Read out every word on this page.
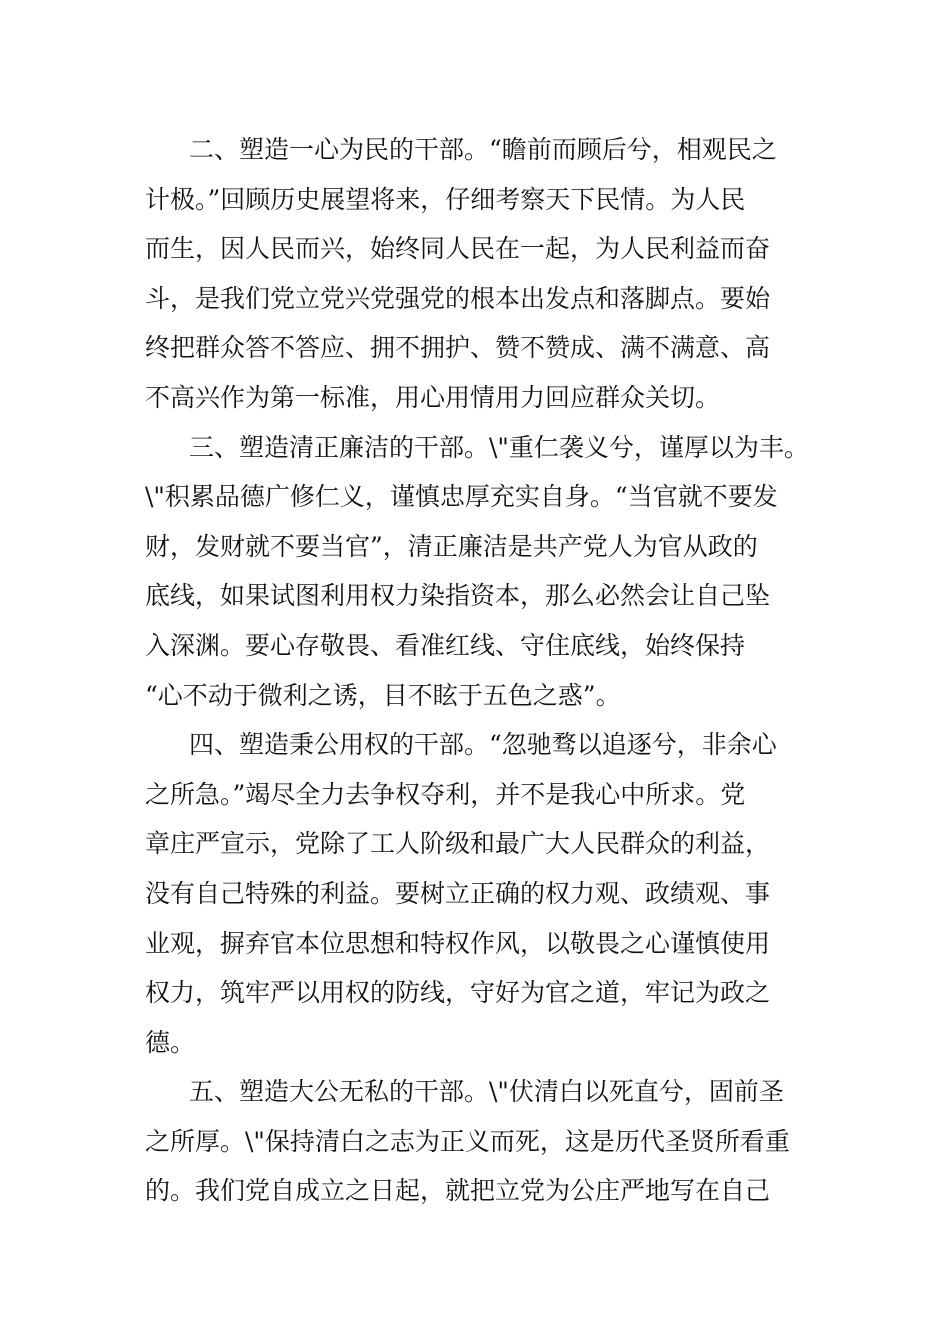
二、塑造一心为民的干部。“瞻前而顾后兮，相观民之
计极。”回顾历史展望将来，仔细考察天下民情。为人民
而生，因人民而兴，始终同人民在一起，为人民利益而奋
斗，是我们党立党兴党强党的根本出发点和落脚点。要始
终把群众答不答应、拥不拥护、赞不赞成、满不满意、高
不高兴作为第一标准，用心用情用力回应群众关切。
三、塑造清正廉洁的干部。\"重仁袭义兮，谨厚以为丰。
\"积累品德广修仁义，谨慎忠厚充实自身。“当官就不要发
财，发财就不要当官”，清正廉洁是共产党人为官从政的
底线，如果试图利用权力染指资本，那么必然会让自己坠
入深渊。要心存敬畏、看准红线、守住底线，始终保持
“心不动于微利之诱，目不眩于五色之惑”。
四、塑造秉公用权的干部。“忽驰骛以追逐兮，非余心
之所急。”竭尽全力去争权夺利，并不是我心中所求。党
章庄严宣示，党除了工人阶级和最广大人民群众的利益，
没有自己特殊的利益。要树立正确的权力观、政绩观、事
业观，摒弃官本位思想和特权作风，以敬畏之心谨慎使用
权力，筑牢严以用权的防线，守好为官之道，牢记为政之
德。
五、塑造大公无私的干部。\"伏清白以死直兮，固前圣
之所厚。\"保持清白之志为正义而死，这是历代圣贤所看重
的。我们党自成立之日起，就把立党为公庄严地写在自己
